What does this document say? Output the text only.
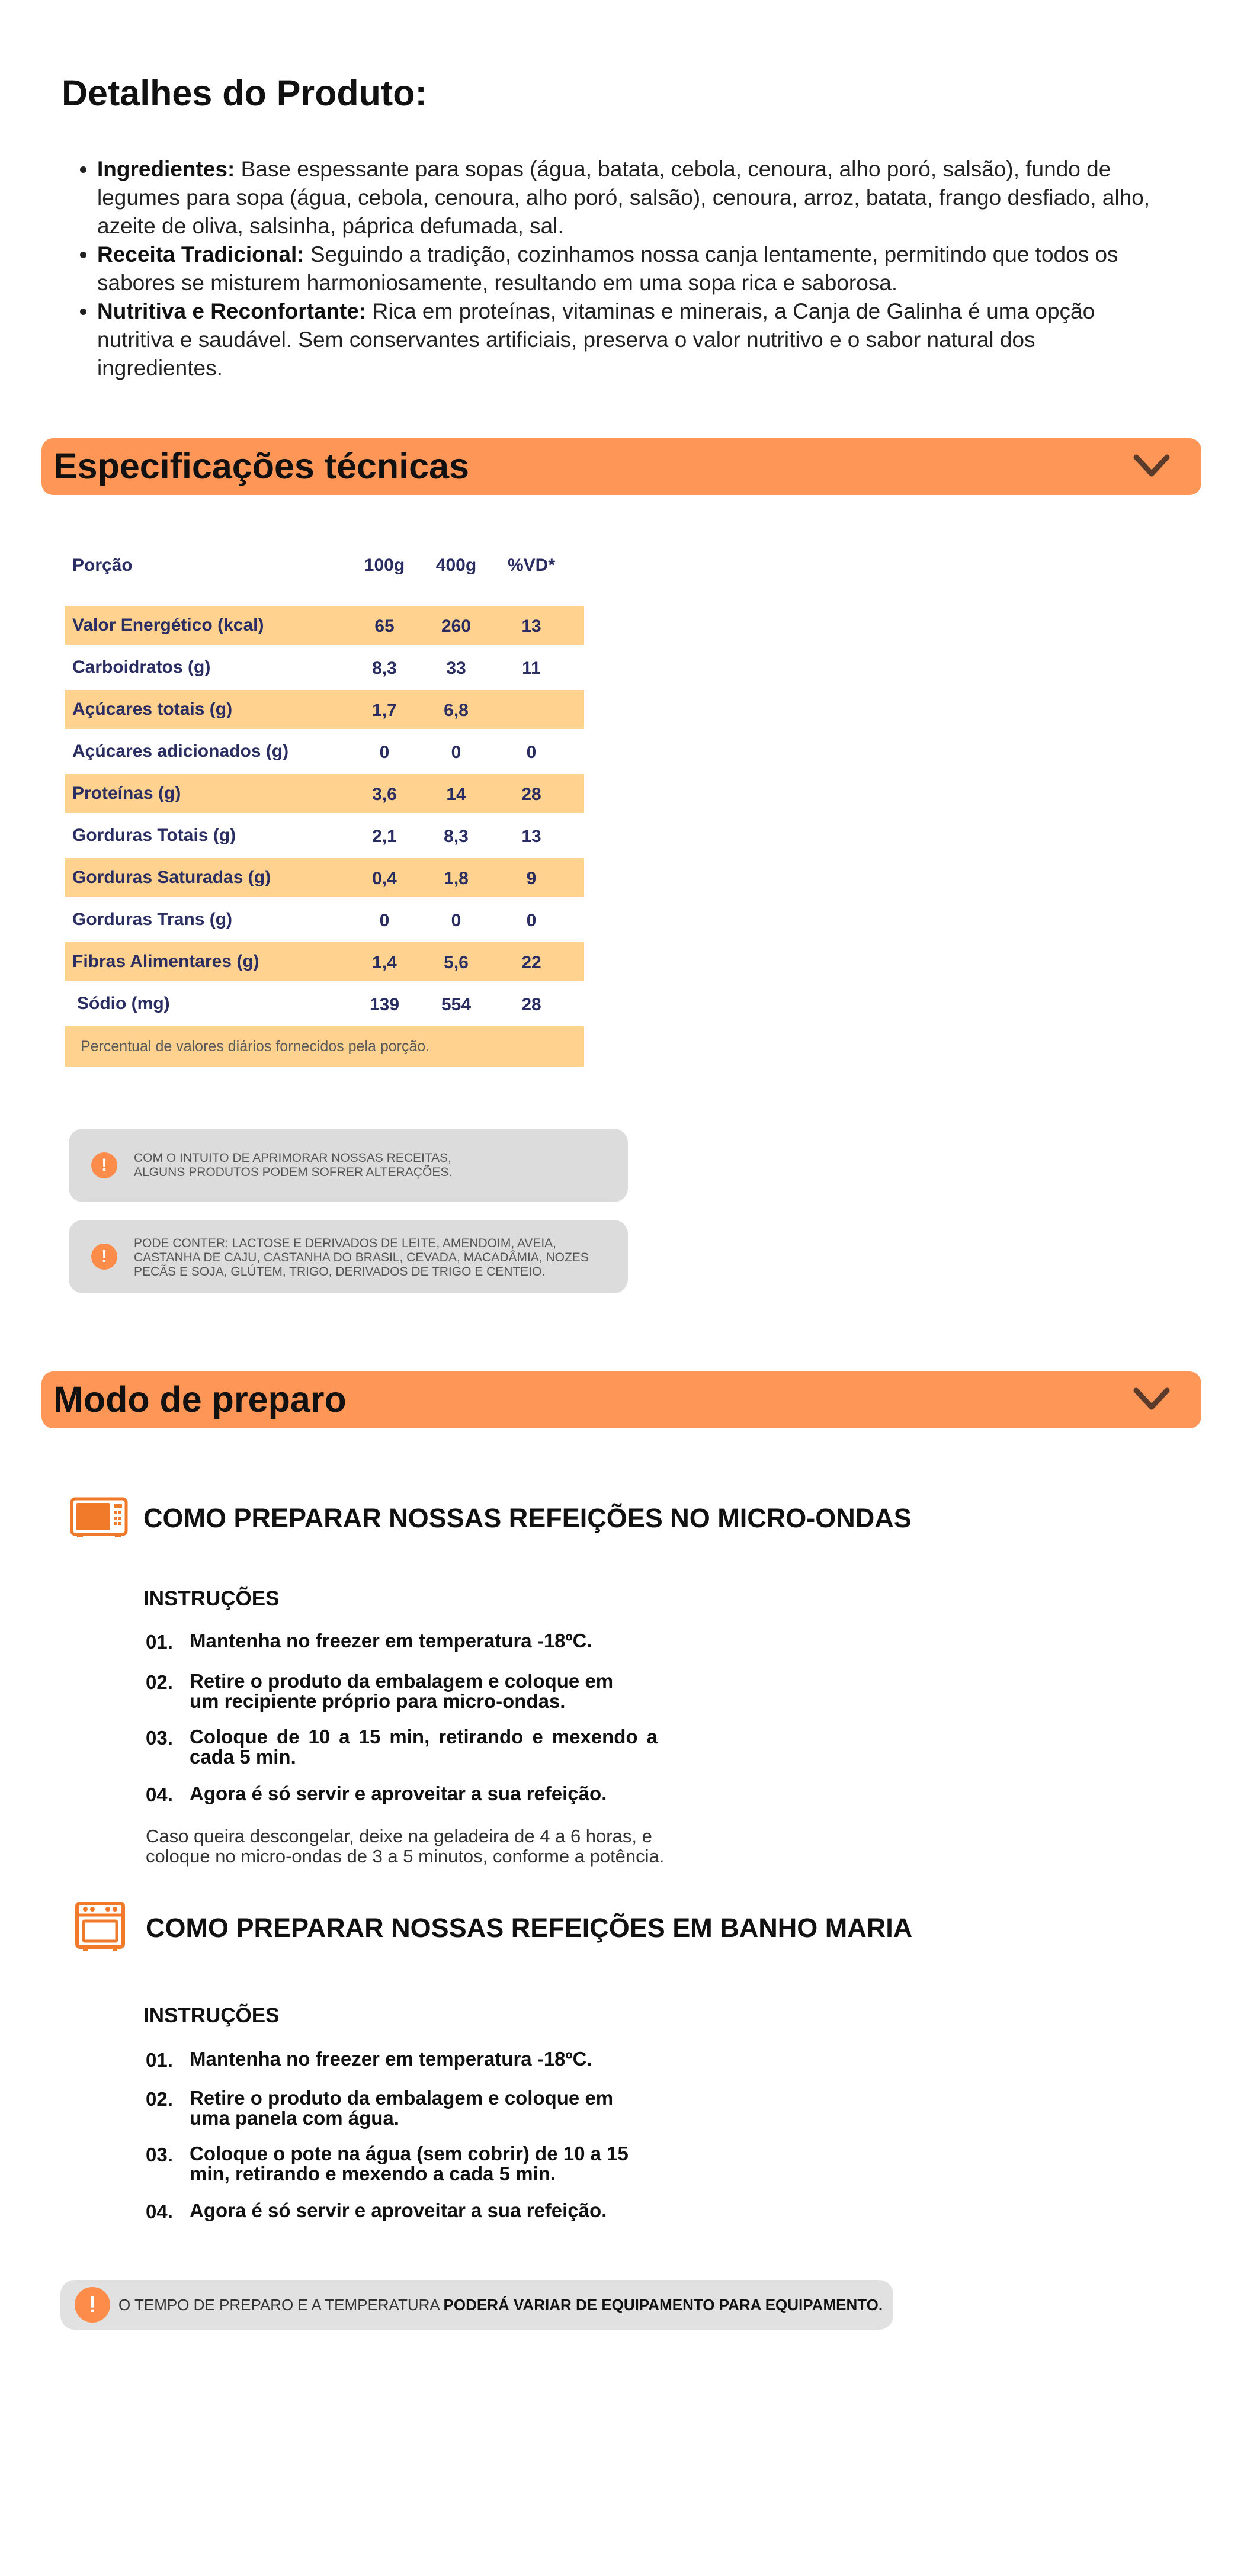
Detalhes do Produto:
• Ingredientes: Base espessante para sopas (água, batata, cebola, cenoura, alho poró, salsão), fundo de legumes para sopa (água, cebola, cenoura, alho poró, salsão), cenoura, arroz, batata, frango desfiado, alho, azeite de oliva, salsinha, páprica defumada, sal.
• Receita Tradicional: Seguindo a tradição, cozinhamos nossa canja lentamente, permitindo que todos os sabores se misturem harmoniosamente, resultando em uma sopa rica e saborosa.
• Nutritiva e Reconfortante: Rica em proteínas, vitaminas e minerais, a Canja de Galinha é uma opção nutritiva e saudável. Sem conservantes artificiais, preserva o valor nutritivo e o sabor natural dos ingredientes.
Especificações técnicas
Porção	100g	400g	%VD*
Valor Energético (kcal)	65	260	13
Carboidratos (g)	8,3	33	11
Açúcares totais (g)	1,7	6,8
Açúcares adicionados (g)	0	0	0
Proteínas (g)	3,6	14	28
Gorduras Totais (g)	2,1	8,3	13
Gorduras Saturadas (g)	0,4	1,8	9
Gorduras Trans (g)	0	0	0
Fibras Alimentares (g)	1,4	5,6	22
Sódio (mg)	139	554	28
Percentual de valores diários fornecidos pela porção.
!	COM O INTUITO DE APRIMORAR NOSSAS RECEITAS,
ALGUNS PRODUTOS PODEM SOFRER ALTERAÇÕES.
!
PODE CONTER: LACTOSE E DERIVADOS DE LEITE, AMENDOIM, AVEIA,
CASTANHA DE CAJU, CASTANHA DO BRASIL, CEVADA, MACADÂMIA, NOZES
PECÃS E SOJA, GLÚTEM, TRIGO, DERIVADOS DE TRIGO E CENTEIO.
Modo de preparo
COMO PREPARAR NOSSAS REFEIÇÕES NO MICRO-ONDAS
INSTRUÇÕES
01. Mantenha no freezer em temperatura -18ºC.
02. Retire o produto da embalagem e coloque em um recipiente próprio para micro-ondas.
03. Coloque de 10 a 15 min, retirando e mexendo a cada 5 min.
04. Agora é só servir e aproveitar a sua refeição.
Caso queira descongelar, deixe na geladeira de 4 a 6 horas, e
coloque no micro-ondas de 3 a 5 minutos, conforme a potência.
COMO PREPARAR NOSSAS REFEIÇÕES EM BANHO MARIA
INSTRUÇÕES
01. Mantenha no freezer em temperatura -18ºC.
02. Retire o produto da embalagem e coloque em uma panela com água.
03. Coloque o pote na água (sem cobrir) de 10 a 15 min, retirando e mexendo a cada 5 min.
04. Agora é só servir e aproveitar a sua refeição.
!	O TEMPO DE PREPARO E A TEMPERATURA PODERÁ VARIAR DE EQUIPAMENTO PARA EQUIPAMENTO.
